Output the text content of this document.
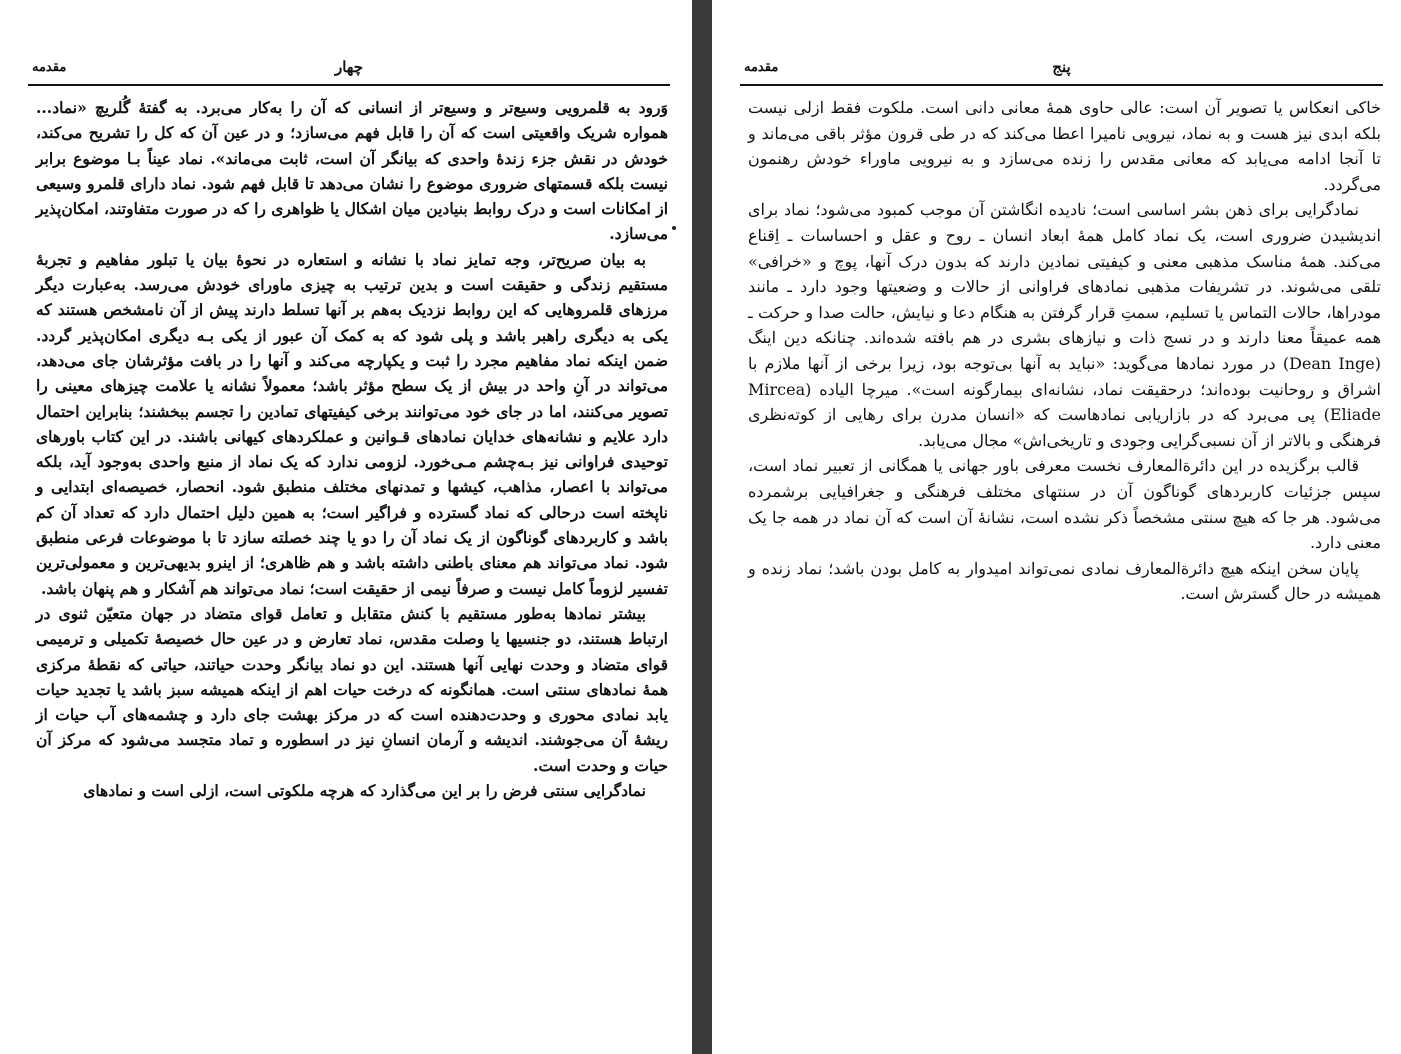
مقدمه	چهار

وَرود به قلمرویی وسیع‌تر و وسیع‌تر از انسانی که آن را به‌کار می‌برد. به گفتهٔ گُلریچ «نماد... همواره شریک واقعیتی است که آن را قابل فهم می‌سازد؛ و در عین آن که کل را تشریح می‌کند، خودش در نقش جزء زندهٔ واحدی که بیانگر آن است، ثابت می‌ماند». نماد عیناً بـا موضوع برابر نیست بلکه قسمتهای ضروری موضوع را نشان می‌دهد تا قابل فهم شود. نماد دارای قلمرو وسیعی از امکانات است و درک روابط بنیادین میان اشکال یا ظواهری را که در صورت متفاوتند، امکان‌پذیر می‌سازد.

به بیان صریح‌تر، وجه تمایز نماد با نشانه و استعاره در نحوهٔ بیان یا تبلور مفاهیم و تجربهٔ مستقیم زندگی و حقیقت است و بدین ترتیب به چیزی ماورای خودش می‌رسد. به‌عبارت دیگر مرزهای قلمروهایی که این روابط نزدیک به‌هم بر آنها تسلط دارند پیش از آن نامشخص هستند که یکی به دیگری راهبر باشد و پلی شود که به کمک آن عبور از یکی بـه دیگری امکان‌پذیر گردد. ضمن اینکه نماد مفاهیم مجرد را ثبت و یکپارچه می‌کند و آنها را در بافت مؤثرشان جای می‌دهد، می‌تواند در آنِ واحد در بیش از یک سطح مؤثر باشد؛ معمولاً نشانه یا علامت چیزهای معینی را تصویر می‌کنند، اما در جای خود می‌توانند برخی کیفیتهای تمادین را تجسم ببخشند؛ بنابراین احتمال دارد علایم و نشانه‌های خدایان نمادهای قـوانین و عملکردهای کیهانی باشند. در این کتاب باورهای توحیدی فراوانی نیز بـه‌چشم مـی‌خورد. لزومی ندارد که یک نماد از منبع واحدی به‌وجود آید، بلکه می‌تواند با اعصار، مذاهب، کیشها و تمدنهای مختلف منطبق شود. انحصار، خصیصه‌ای ابتدایی و ناپخته است درحالی که نماد گسترده و فراگیر است؛ به همین دلیل احتمال دارد که تعداد آن کم باشد و کاربردهای گوناگون از یک نماد آن را دو یا چند خصلته سازد تا با موضوعات فرعی منطبق شود. نماد می‌تواند هم معنای باطنی داشته باشد و هم ظاهری؛ از اینرو بدیهی‌ترین و معمولی‌ترین تفسیر لزوماً کامل نیست و صرفاً نیمی از حقیقت است؛ نماد می‌تواند هم آشکار و هم پنهان باشد.

بیشتر نمادها به‌طور مستقیم با کنش متقابل و تعامل قوای متضاد در جهان متعیّن ثنوی در ارتباط هستند، دو جنسیها یا وصلت مقدس، نماد تعارض و در عین حال خصیصهٔ تکمیلی و ترمیمی قوای متضاد و وحدت نهایی آنها هستند. این دو نماد بیانگر وحدت حیاتند، حیاتی که نقطهٔ مرکزی همهٔ نمادهای سنتی است. همانگونه که درخت حیات اهم از اینکه همیشه سبز باشد یا تجدید حیات یابد نمادی محوری و وحدت‌دهنده است که در مرکز بهشت جای دارد و چشمه‌های آب حیات از ریشهٔ آن می‌جوشند. اندیشه و آرمان انسانِ نیز در اسطوره و تماد متجسد می‌شود که مرکز آن حیات و وحدت است.

نمادگرایی سنتی فرض را بر این می‌گذارد که هرچه ملکوتی است، ازلی است و نمادهای

مقدمه	پنج

خاکی انعکاس یا تصویر آن است: عالی حاوی همهٔ معانی دانی است. ملکوت فقط ازلی نیست بلکه ابدی نیز هست و به نماد، نیرویی نامیرا اعطا می‌کند که در طی قرون مؤثر باقی می‌ماند و تا آنجا ادامه می‌یابد که معانی مقدس را زنده می‌سازد و به نیرویی ماوراء خودش رهنمون می‌گردد.

نمادگرایی برای ذهن بشر اساسی است؛ نادیده انگاشتن آن موجب کمبود می‌شود؛ نماد برای اندیشیدن ضروری است، یک نماد کامل همهٔ ابعاد انسان ـ روح و عقل و احساسات ـ اِقناع می‌کند. همهٔ مناسک مذهبی معنی و کیفیتی نمادین دارند که بدون درک آنها، پوچ و «خرافی» تلقی می‌شوند. در تشریفات مذهبی نمادهای فراوانی از حالات و وضعیتها وجود دارد ـ مانند مودراها، حالات التماس یا تسلیم، سمتِ قرار گرفتن به هنگام دعا و نیایش، حالت صدا و حرکت ـ همه عمیقاً معنا دارند و در نسج ذات و نیازهای بشری در هم بافته شده‌اند. چنانکه دین اینگ (Dean Inge) در مورد نمادها می‌گوید: «نباید به آنها بی‌توجه بود، زیرا برخی از آنها ملازم با اشراق و روحانیت بوده‌اند؛ درحقیقت نماد، نشانه‌ای بیمارگونه است». میرچا الیاده (Mircea Eliade) پی می‌برد که در بازاریابی نمادهاست که «انسان مدرن برای رهایی از کوته‌نظری فرهنگی و بالاتر از آن نسبی‌گرایی وجودی و تاریخی‌اش» مجال می‌یابد.

قالب برگزیده در این دائرة‌المعارف نخست معرفی باور جهانی یا همگانی از تعبیر نماد است، سپس جزئیات کاربردهای گوناگون آن در سنتهای مختلف فرهنگی و جغرافیایی برشمرده می‌شود. هر جا که هیچ سنتی مشخصاً ذکر نشده است، نشانهٔ آن است که آن نماد در همه جا یک معنی دارد.

پایان سخن اینکه هیچ دائرة‌المعارف نمادی نمی‌تواند امیدوار به کامل بودن باشد؛ نماد زنده و همیشه در حال گسترش است.
